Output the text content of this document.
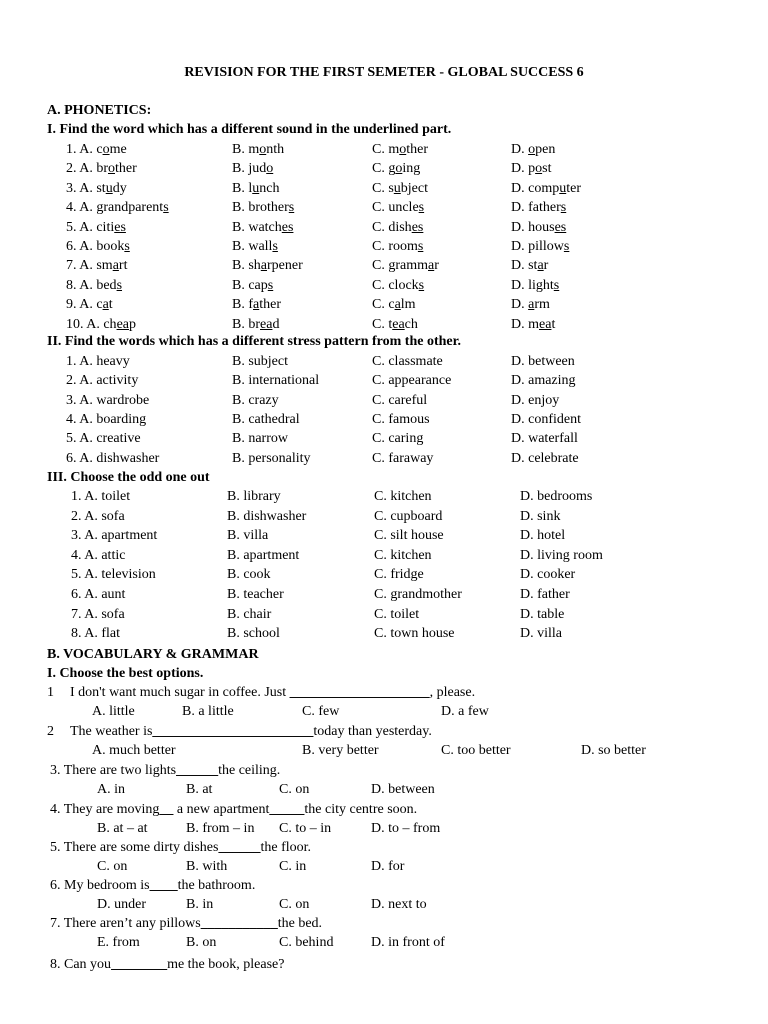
REVISION FOR THE FIRST SEMETER - GLOBAL SUCCESS 6
A. PHONETICS:
I. Find the word which has a different sound in the underlined part.
1. A. come	B. month	C. mother	D. open
2. A. brother	B. judo	C. going	D. post
3. A. study	B. lunch	C. subject	D. computer
4. A. grandparents	B. brothers	C. uncles	D. fathers
5. A. cities	B. watches	C. dishes	D. houses
6. A. books	B. walls	C. rooms	D. pillows
7. A. smart	B. sharpener	C. grammar	D. star
8. A. beds	B. caps	C. clocks	D. lights
9. A. cat	B. father	C. calm	D. arm
10. A. cheap	B. bread	C. teach	D. meat
II. Find the words which has a different stress pattern from the other.
1. A. heavy	B. subject	C. classmate	D. between
2. A. activity	B. international	C. appearance	D. amazing
3. A. wardrobe	B. crazy	C. careful	D. enjoy
4. A. boarding	B. cathedral	C. famous	D. confident
5. A. creative	B. narrow	C. caring	D. waterfall
6. A. dishwasher	B. personality	C. faraway	D. celebrate
III. Choose the odd one out
1. A. toilet	B. library	C. kitchen	D. bedrooms
2. A. sofa	B. dishwasher	C. cupboard	D. sink
3. A. apartment	B. villa	C. silt house	D. hotel
4. A. attic	B. apartment	C. kitchen	D. living room
5. A. television	B. cook	C. fridge	D. cooker
6. A. aunt	B. teacher	C. grandmother	D. father
7. A. sofa	B. chair	C. toilet	D. table
8. A. flat	B. school	C. town house	D. villa
B. VOCABULARY & GRAMMAR
I. Choose the best options.
1 I don't want much sugar in coffee. Just ____________________, please.
A. little	B. a little	C. few	D. a few
2 The weather is_______________________today than yesterday.
A. much better	B. very better	C. too better	D. so better
3. There are two lights______the ceiling.
A. in	B. at	C. on	D. between
4. They are moving__ a new apartment_____the city centre soon.
B. at – at	B. from – in C. to – in	D. to – from
5. There are some dirty dishes______the floor.
C. on	B. with	C. in	D. for
6. My bedroom is____the bathroom.
D. under	B. in	C. on	D. next to
7. There aren’t any pillows___________the bed.
E. from	B. on	C. behind	D. in front of
8. Can you________me the book, please?
